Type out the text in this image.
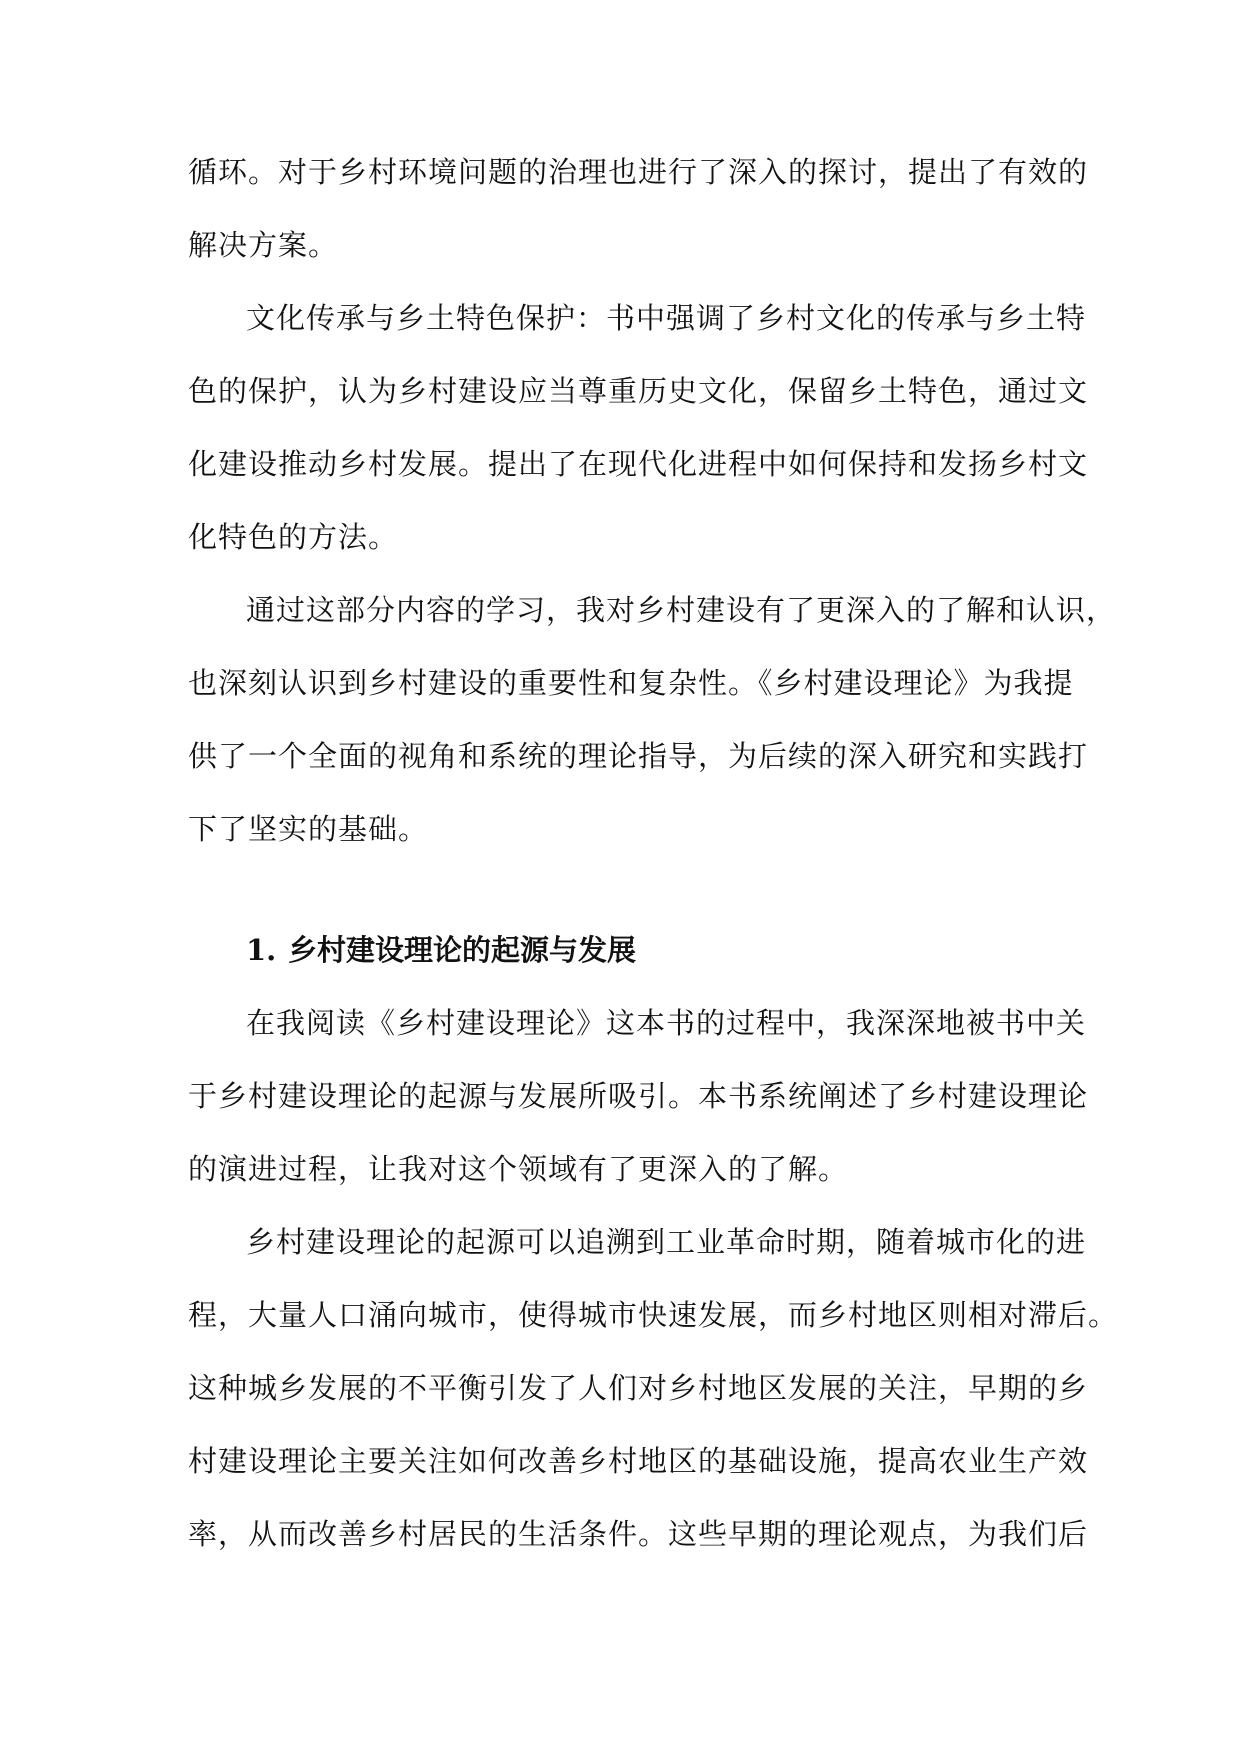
循环。对于乡村环境问题的治理也进行了深入的探讨，提出了有效的
解决方案。
文化传承与乡土特色保护：书中强调了乡村文化的传承与乡土特
色的保护，认为乡村建设应当尊重历史文化，保留乡土特色，通过文
化建设推动乡村发展。提出了在现代化进程中如何保持和发扬乡村文
化特色的方法。
通过这部分内容的学习，我对乡村建设有了更深入的了解和认识，
也深刻认识到乡村建设的重要性和复杂性。《乡村建设理论》为我提
供了一个全面的视角和系统的理论指导，为后续的深入研究和实践打
下了坚实的基础。
1. 乡村建设理论的起源与发展
在我阅读《乡村建设理论》这本书的过程中，我深深地被书中关
于乡村建设理论的起源与发展所吸引。本书系统阐述了乡村建设理论
的演进过程，让我对这个领域有了更深入的了解。
乡村建设理论的起源可以追溯到工业革命时期，随着城市化的进
程，大量人口涌向城市，使得城市快速发展，而乡村地区则相对滞后。
这种城乡发展的不平衡引发了人们对乡村地区发展的关注，早期的乡
村建设理论主要关注如何改善乡村地区的基础设施，提高农业生产效
率，从而改善乡村居民的生活条件。这些早期的理论观点，为我们后
